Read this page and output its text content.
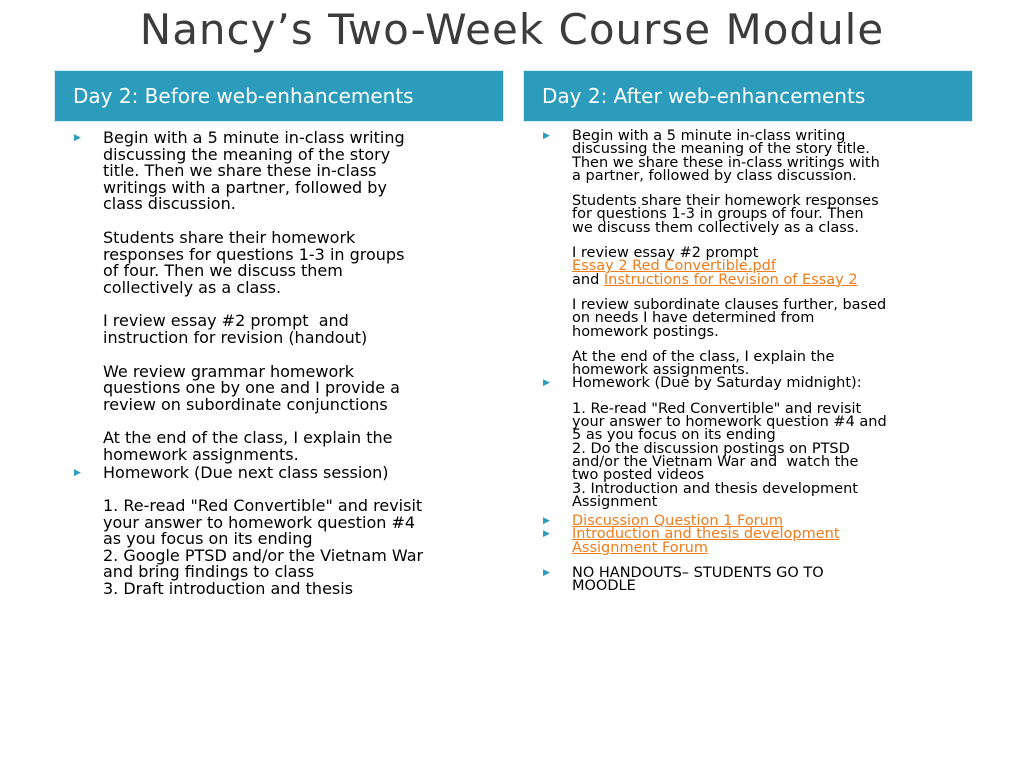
Nancy’s Two-Week Course Module
Day 2: Before web-enhancements	Day 2: After web-enhancements
▶ Begin with a 5 minute in-class writing
discussing the meaning of the story
title. Then we share these in-class
writings with a partner, followed by
class discussion.
Students share their homework
responses for questions 1-3 in groups
of four. Then we discuss them
collectively as a class.
I review essay #2 prompt  and
instruction for revision (handout)
We review grammar homework
questions one by one and I provide a
review on subordinate conjunctions
At the end of the class, I explain the
homework assignments.
▶ Homework (Due next class session)
1. Re-read "Red Convertible" and revisit
your answer to homework question #4
as you focus on its ending
2. Google PTSD and/or the Vietnam War
and bring findings to class
3. Draft introduction and thesis
▶ Begin with a 5 minute in-class writing
discussing the meaning of the story title.
Then we share these in-class writings with
a partner, followed by class discussion.
Students share their homework responses
for questions 1-3 in groups of four. Then
we discuss them collectively as a class.
I review essay #2 prompt
Essay 2 Red Convertible.pdf
and Instructions for Revision of Essay 2
I review subordinate clauses further, based
on needs I have determined from
homework postings.
At the end of the class, I explain the
homework assignments.
▶ Homework (Due by Saturday midnight):
1. Re-read "Red Convertible" and revisit
your answer to homework question #4 and
5 as you focus on its ending
2. Do the discussion postings on PTSD
and/or the Vietnam War and  watch the
two posted videos
3. Introduction and thesis development
Assignment
▶ Discussion Question 1 Forum
▶ Introduction and thesis development
Assignment Forum
▶ NO HANDOUTS– STUDENTS GO TO
MOODLE
